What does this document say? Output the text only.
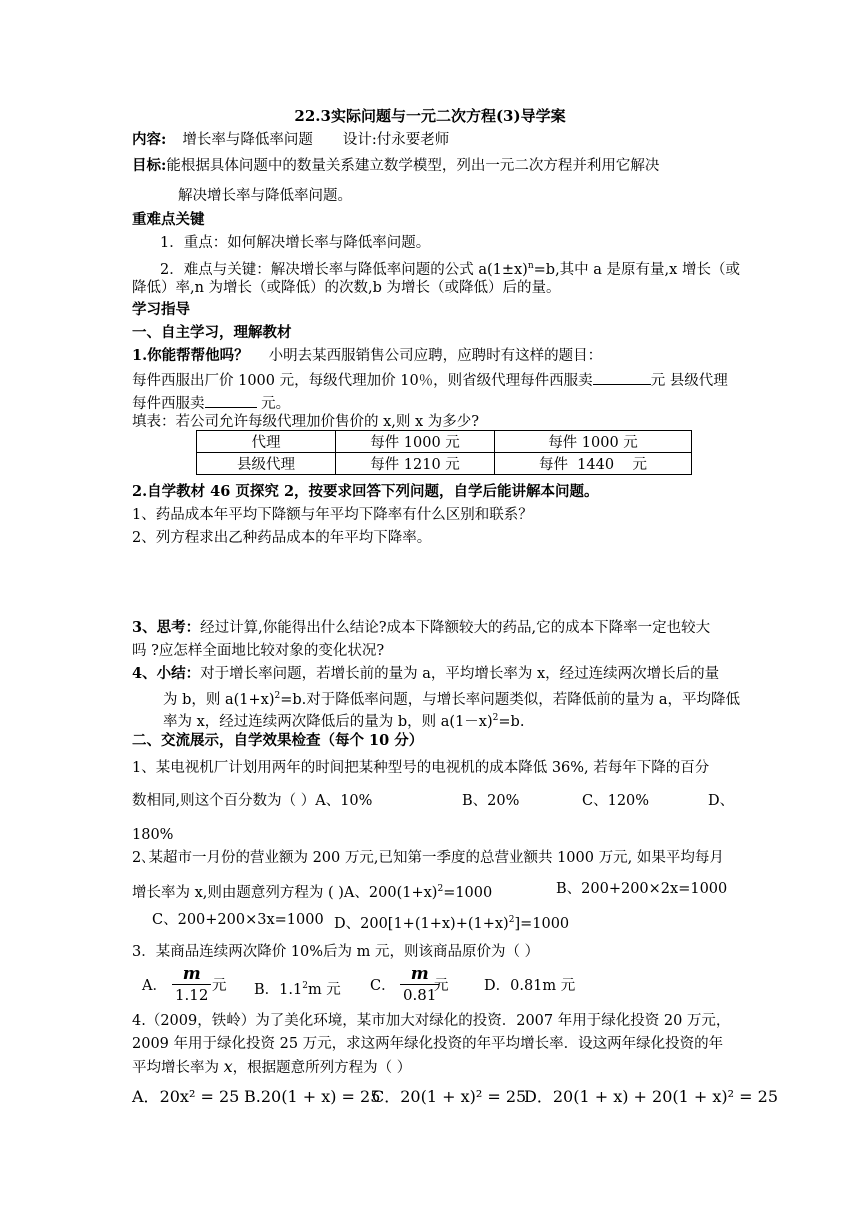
22.3实际问题与一元二次方程(3)导学案
内容: 增长率与降低率问题 设计:付永要老师
目标:能根据具体问题中的数量关系建立数学模型，列出一元二次方程并利用它解决
解决增长率与降低率问题。
重难点关键
1．重点：如何解决增长率与降低率问题。
2．难点与关键：解决增长率与降低率问题的公式 $a(1\pm x)^n=b$,其中 a 是原有量,x 增长（或
降低）率,n 为增长（或降低）的次数,b 为增长（或降低）后的量。
学习指导
一、自主学习，理解教材
1.你能帮帮他吗？ 小明去某西服销售公司应聘，应聘时有这样的题目：
每件西服出厂价 1000 元，每级代理加价 10％，则省级代理每件西服卖	元 县级代理
每件西服卖	元。
填表：若公司允许每级代理加价售价的 x,则 x 为多少?
代理	每件 1000 元	每件 1000 元
县级代理	每件 1210 元	每件  1440    元
2.自学教材 46 页探究 2，按要求回答下列问题，自学后能讲解本问题。
1、药品成本年平均下降额与年平均下降率有什么区别和联系？
2、列方程求出乙种药品成本的年平均下降率。
3、思考：经过计算,你能得出什么结论?成本下降额较大的药品,它的成本下降率一定也较大
吗 ?应怎样全面地比较对象的变化状况?
4、小结：对于增长率问题，若增长前的量为 a，平均增长率为 x，经过连续两次增长后的量
为 b，则 $a(1+x)^2=b$.对于降低率问题，与增长率问题类似，若降低前的量为 a，平均降低
率为 x，经过连续两次降低后的量为 b，则 $a(1-x)^2=b$.
二、交流展示，自学效果检查（每个 10 分）
1、某电视机厂计划用两年的时间把某种型号的电视机的成本降低 36%, 若每年下降的百分
数相同,则这个百分数为（ ）A、10%	B、20%	C、120%	D、
180%
2､某超市一月份的营业额为 200 万元,已知第一季度的总营业额共 1000 万元, 如果平均每月
增长率为 x,则由题意列方程为 ( )A、$200(1+x)^2=1000$	B、200+200×2x=1000
C、200+200×3x=1000 D、$200[1+(1+x)+(1+x)^2]=1000$
3．某商品连续两次降价 10%后为 m 元，则该商品原价为（ ）
A． $\frac{m}{1.12}$ 元 B．$1.1^2m$ 元 C． $\frac{m}{0.81}$
元 D．0.81m 元
4.（2009，铁岭）为了美化环境，某市加大对绿化的投资．2007 年用于绿化投资 20 万元，
2009 年用于绿化投资 25 万元，求这两年绿化投资的年平均增长率．设这两年绿化投资的年
平均增长率为 x，根据题意所列方程为（ ）
A．20x² = 25 B.20(1 + x) = 25
C．20(1 + x)² = 25
D．20(1 + x) + 20(1 + x)² = 25
